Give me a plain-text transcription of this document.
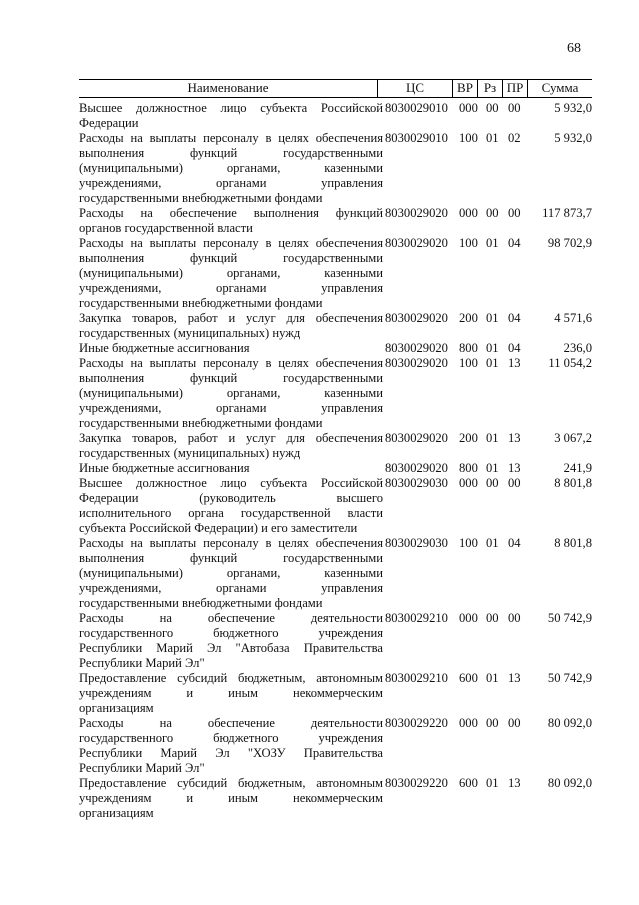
68
Наименование	ЦС	ВР Рз ПР	Сумма
Высшее должностное лицо субъекта Российской
Федерации
8030029010 000 00 00	5 932,0
Расходы на выплаты персоналу в целях обеспечения
выполнения функций государственными
(муниципальными) органами, казенными
учреждениями, органами управления
государственными внебюджетными фондами
8030029010 100 01 02	5 932,0
Расходы на обеспечение выполнения функций
органов государственной власти
8030029020 000 00 00	117 873,7
Расходы на выплаты персоналу в целях обеспечения
выполнения функций государственными
(муниципальными) органами, казенными
учреждениями, органами управления
государственными внебюджетными фондами
8030029020 100 01 04	98 702,9
Закупка товаров, работ и услуг для обеспечения
государственных (муниципальных) нужд
8030029020 200 01 04	4 571,6
Иные бюджетные ассигнования	8030029020 800 01 04	236,0
Расходы на выплаты персоналу в целях обеспечения
выполнения функций государственными
(муниципальными) органами, казенными
учреждениями, органами управления
государственными внебюджетными фондами
8030029020 100 01 13	11 054,2
Закупка товаров, работ и услуг для обеспечения
государственных (муниципальных) нужд
8030029020 200 01 13	3 067,2
Иные бюджетные ассигнования	8030029020 800 01 13	241,9
Высшее должностное лицо субъекта Российской
Федерации (руководитель высшего
исполнительного органа государственной власти
субъекта Российской Федерации) и его заместители
8030029030 000 00 00	8 801,8
Расходы на выплаты персоналу в целях обеспечения
выполнения функций государственными
(муниципальными) органами, казенными
учреждениями, органами управления
государственными внебюджетными фондами
8030029030 100 01 04	8 801,8
Расходы на обеспечение деятельности
государственного бюджетного учреждения
Республики Марий Эл "Автобаза Правительства
Республики Марий Эл"
8030029210 000 00 00	50 742,9
Предоставление субсидий бюджетным, автономным
учреждениям и иным некоммерческим
организациям
8030029210 600 01 13	50 742,9
Расходы на обеспечение деятельности
государственного бюджетного учреждения
Республики Марий Эл "ХОЗУ Правительства
Республики Марий Эл"
8030029220 000 00 00	80 092,0
Предоставление субсидий бюджетным, автономным
учреждениям и иным некоммерческим
организациям
8030029220 600 01 13	80 092,0
